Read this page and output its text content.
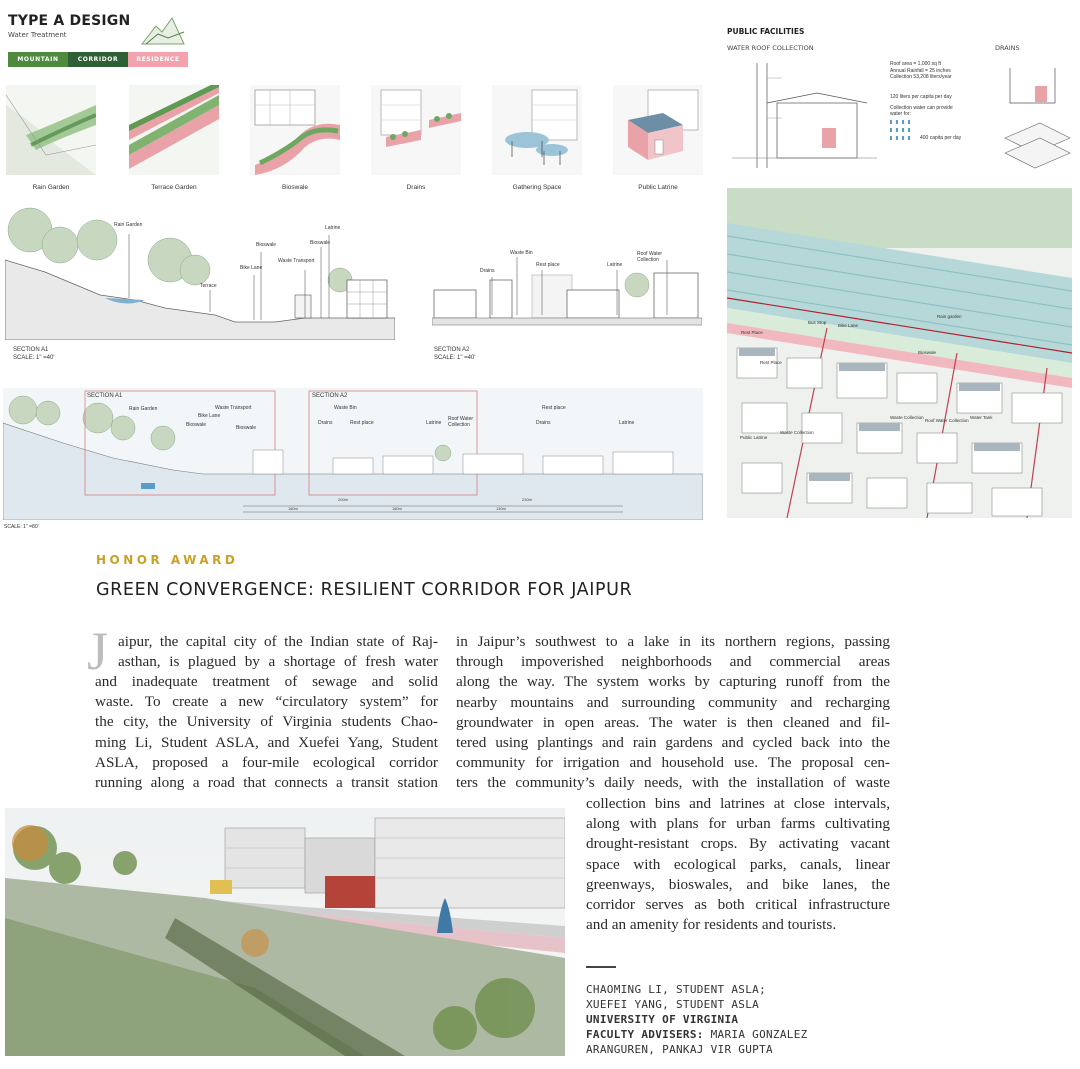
TYPE A DESIGN
Water Treatment
MOUNTAIN	CORRIDOR	RESIDENCE
Rain Garden	Terrace Garden	Bioswale	Drains	Gathering Space	Public Latrine
Rain Garden
Terrace
Bioswale
Bike Lane
Waste Transport
Bioswale
Latrine
SECTION A1
SCALE: 1" =40'
Waste Bin
Drains
Rest place	Latrine
Roof Water Collection
SECTION A2
SCALE: 1" =40'
SECTION A1	SECTION A2
Rain Garden
Bike Lane
Bioswale
Waste Transport
Bioswale
Waste Bin
Drains	Rest place	Latrine
Roof Water Collection	Drains
Rest place
Latrine
200m	230m
180m	180m	130m
SCALE: 1" =80'
PUBLIC FACILITIES
WATER ROOF COLLECTION	DRAINS
Roof area = 1,000 sq ft
Annual Rainfall = 25 inches
Collection 53,208 liters/year
120 liters per capita per day
Collection water can provide water for:
400 capita per day
Rain garden
Bike Lane
Bioswale
Rest Place
Bus Stop
Rest Place
Waste Collection
Roof Water Collection
Water Tank
Public Latrine
Waste Collection
HONOR AWARD
GREEN CONVERGENCE: RESILIENT CORRIDOR FOR JAIPUR
J aipur, the capital city of the Indian state of Raj-
asthan, is plagued by a shortage of fresh water
and inadequate treatment of sewage and solid
waste. To create a new “circulatory system” for
the city, the University of Virginia students Chao-
ming Li, Student ASLA, and Xuefei Yang, Student
ASLA, proposed a four-mile ecological corridor
running along a road that connects a transit station
in Jaipur’s southwest to a lake in its northern regions, passing
through impoverished neighborhoods and commercial areas
along the way. The system works by capturing runoff from the
nearby mountains and surrounding community and recharging
groundwater in open areas. The water is then cleaned and fil-
tered using plantings and rain gardens and cycled back into the
community for irrigation and household use. The proposal cen-
ters the community’s daily needs, with the installation of waste
collection bins and latrines at close intervals,
along with plans for urban farms cultivating
drought-resistant crops. By activating vacant
space with ecological parks, canals, linear
greenways, bioswales, and bike lanes, the
corridor serves as both critical infrastructure
and an amenity for residents and tourists.
CHAOMING LI, STUDENT ASLA;
XUEFEI YANG, STUDENT ASLA
UNIVERSITY OF VIRGINIA
FACULTY ADVISERS: MARIA GONZALEZ
ARANGUREN, PANKAJ VIR GUPTA
